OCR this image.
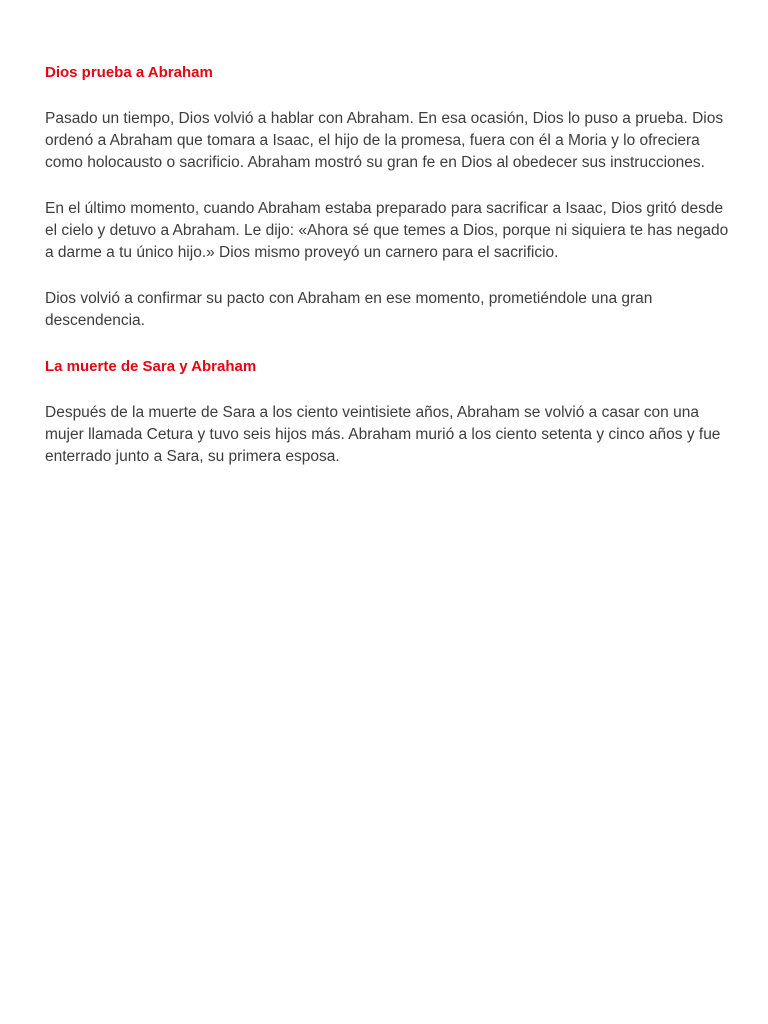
Dios prueba a Abraham

Pasado un tiempo, Dios volvió a hablar con Abraham. En esa ocasión, Dios lo puso a prueba. Dios ordenó a Abraham que tomara a Isaac, el hijo de la promesa, fuera con él a Moria y lo ofreciera como holocausto o sacrificio. Abraham mostró su gran fe en Dios al obedecer sus instrucciones.

En el último momento, cuando Abraham estaba preparado para sacrificar a Isaac, Dios gritó desde el cielo y detuvo a Abraham. Le dijo: «Ahora sé que temes a Dios, porque ni siquiera te has negado a darme a tu único hijo.» Dios mismo proveyó un carnero para el sacrificio.

Dios volvió a confirmar su pacto con Abraham en ese momento, prometiéndole una gran descendencia.

La muerte de Sara y Abraham

Después de la muerte de Sara a los ciento veintisiete años, Abraham se volvió a casar con una mujer llamada Cetura y tuvo seis hijos más. Abraham murió a los ciento setenta y cinco años y fue enterrado junto a Sara, su primera esposa.
